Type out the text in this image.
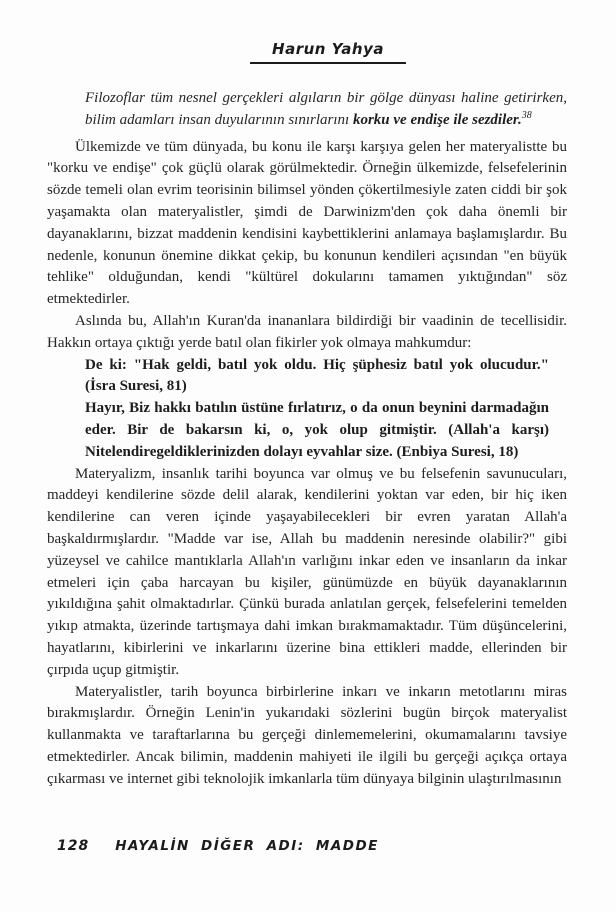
Harun Yahya

Filozoflar tüm nesnel gerçekleri algıların bir gölge dünyası haline getirirken, bilim adamları insan duyularının sınırlarını korku ve endişe ile sezdiler.$^{38}$

Ülkemizde ve tüm dünyada, bu konu ile karşı karşıya gelen her materyalistte bu "korku ve endişe" çok güçlü olarak görülmektedir. Örneğin ülkemizde, felsefelerinin sözde temeli olan evrim teorisinin bilimsel yönden çökertilmesiyle zaten ciddi bir şok yaşamakta olan materyalistler, şimdi de Darwinizm'den çok daha önemli bir dayanaklarını, bizzat maddenin kendisini kaybettiklerini anlamaya başlamışlardır. Bu nedenle, konunun önemine dikkat çekip, bu konunun kendileri açısından "en büyük tehlike" olduğundan, kendi "kültürel dokularını tamamen yıktığından" söz etmektedirler.

Aslında bu, Allah'ın Kuran'da inananlara bildirdiği bir vaadinin de tecellisidir. Hakkın ortaya çıktığı yerde batıl olan fikirler yok olmaya mahkumdur:

De ki: "Hak geldi, batıl yok oldu. Hiç şüphesiz batıl yok olucudur." (İsra Suresi, 81)

Hayır, Biz hakkı batılın üstüne fırlatırız, o da onun beynini darmadağın eder. Bir de bakarsın ki, o, yok olup gitmiştir. (Allah'a karşı) Nitelendiregeldiklerinizden dolayı eyvahlar size. (Enbiya Suresi, 18)

Materyalizm, insanlık tarihi boyunca var olmuş ve bu felsefenin savunucuları, maddeyi kendilerine sözde delil alarak, kendilerini yoktan var eden, bir hiç iken kendilerine can veren içinde yaşayabilecekleri bir evren yaratan Allah'a başkaldırmışlardır. "Madde var ise, Allah bu maddenin neresinde olabilir?" gibi yüzeysel ve cahilce mantıklarla Allah'ın varlığını inkar eden ve insanların da inkar etmeleri için çaba harcayan bu kişiler, günümüzde en büyük dayanaklarının yıkıldığına şahit olmaktadırlar. Çünkü burada anlatılan gerçek, felsefelerini temelden yıkıp atmakta, üzerinde tartışmaya dahi imkan bırakmamaktadır. Tüm düşüncelerini, hayatlarını, kibirlerini ve inkarlarını üzerine bina ettikleri madde, ellerinden bir çırpıda uçup gitmiştir.

Materyalistler, tarih boyunca birbirlerine inkarı ve inkarın metotlarını miras bırakmışlardır. Örneğin Lenin'in yukarıdaki sözlerini bugün birçok materyalist kullanmakta ve taraftarlarına bu gerçeği dinlememelerini, okumamalarını tavsiye etmektedirler. Ancak bilimin, maddenin mahiyeti ile ilgili bu gerçeği açıkça ortaya çıkarması ve internet gibi teknolojik imkanlarla tüm dünyaya bilginin ulaştırılmasının

128 HAYALİN DİĞER ADI: MADDE
